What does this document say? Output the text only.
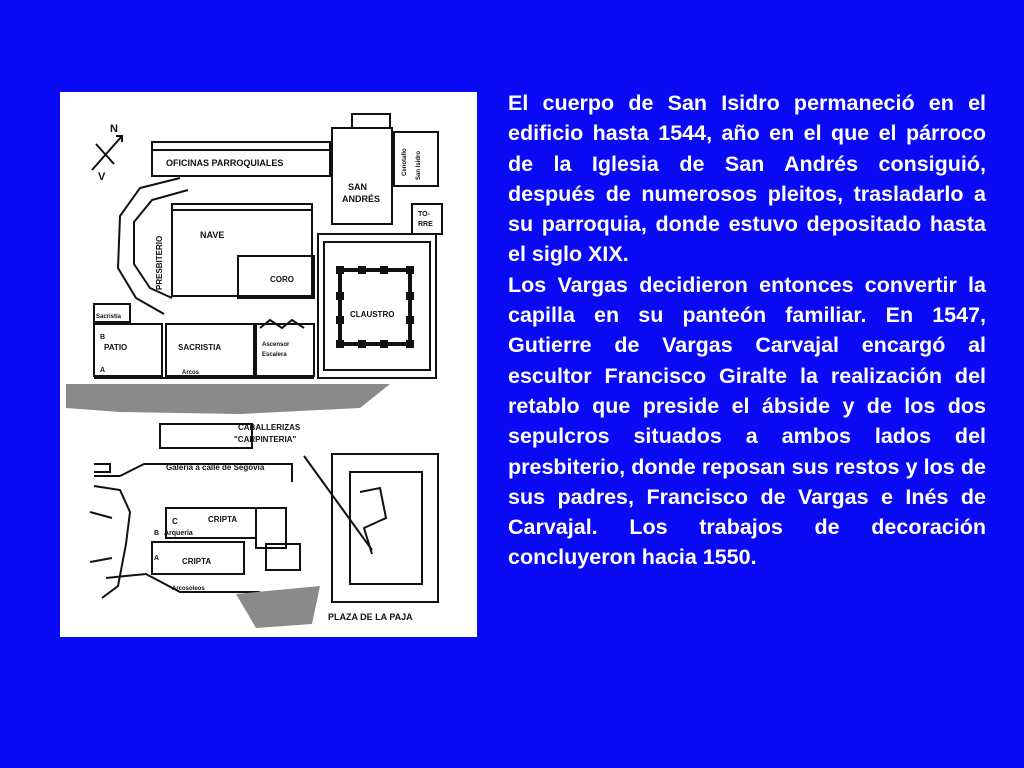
N
V
OFICINAS PARROQUIALES
SAN
ANDRÉS
Cenotafio San Isidro
TO-
RRE
NAVE
PRESBITERIO	CORO
CLAUSTRO
Sacristía
B
PATIO	SACRISTIA	Ascensor
Escalera
A	Arcos
CABALLERIZAS
"CARPINTERIA"
Galería a calle de Segovia
C	CRIPTA
B Arquería
A	CRIPTA
Arcosoleos
PLAZA DE LA PAJA

El cuerpo de San Isidro permaneció en el edificio hasta 1544, año en el que el párroco de la Iglesia de San Andrés consiguió, después de numerosos pleitos, trasladarlo a su parroquia, donde estuvo depositado hasta el siglo XIX.

Los Vargas decidieron entonces convertir la capilla en su panteón familiar. En 1547, Gutierre de Vargas Carvajal encargó al escultor Francisco Giralte la realización del retablo que preside el ábside y de los dos sepulcros situados a ambos lados del presbiterio, donde reposan sus restos y los de sus padres, Francisco de Vargas e Inés de Carvajal. Los trabajos de decoración concluyeron hacia 1550.
